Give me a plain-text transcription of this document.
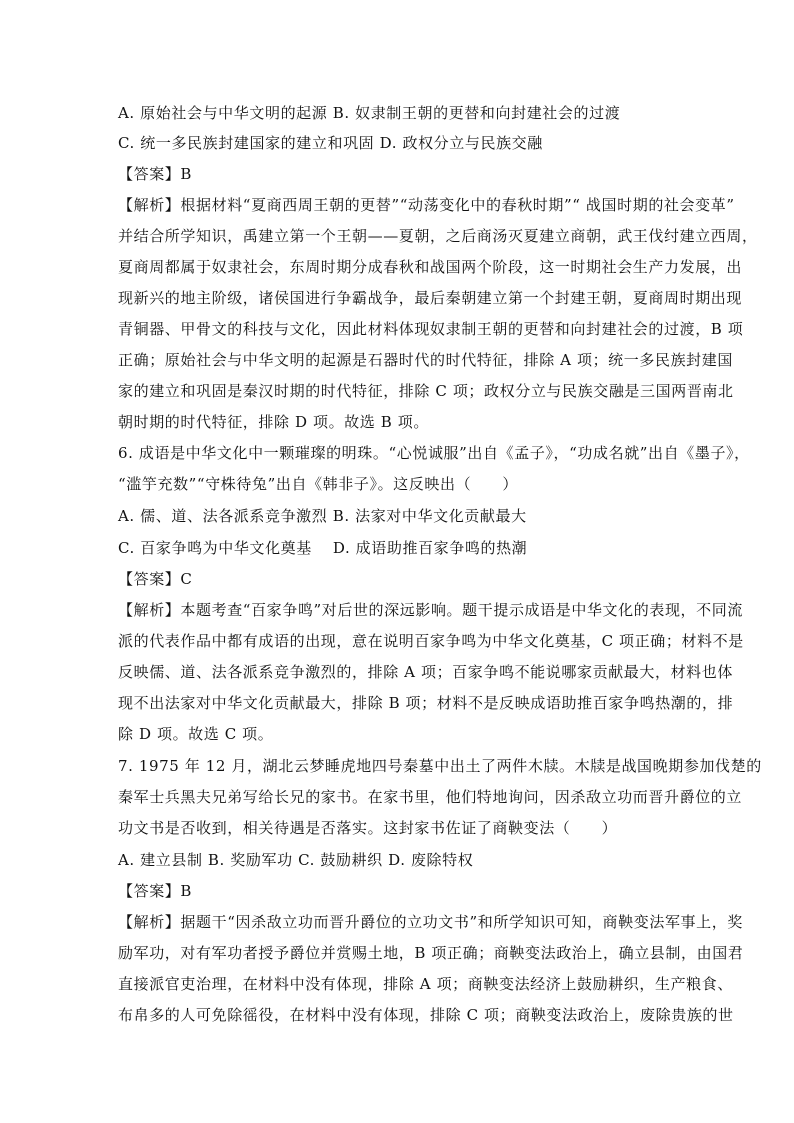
A. 原始社会与中华文明的起源 B. 奴隶制王朝的更替和向封建社会的过渡
C. 统一多民族封建国家的建立和巩固 D. 政权分立与民族交融
【答案】B
【解析】根据材料“夏商西周王朝的更替”“动荡变化中的春秋时期”“ 战国时期的社会变革”
并结合所学知识，禹建立第一个王朝——夏朝，之后商汤灭夏建立商朝，武王伐纣建立西周，
夏商周都属于奴隶社会，东周时期分成春秋和战国两个阶段，这一时期社会生产力发展，出
现新兴的地主阶级，诸侯国进行争霸战争，最后秦朝建立第一个封建王朝，夏商周时期出现
青铜器、甲骨文的科技与文化，因此材料体现奴隶制王朝的更替和向封建社会的过渡，B 项
正确；原始社会与中华文明的起源是石器时代的时代特征，排除 A 项；统一多民族封建国
家的建立和巩固是秦汉时期的时代特征，排除 C 项；政权分立与民族交融是三国两晋南北
朝时期的时代特征，排除 D 项。故选 B 项。
6. 成语是中华文化中一颗璀璨的明珠。“心悦诚服”出自《孟子》，“功成名就”出自《墨子》，
“滥竽充数”“守株待兔”出自《韩非子》。这反映出（　　）
A. 儒、道、法各派系竞争激烈 B. 法家对中华文化贡献最大
C. 百家争鸣为中华文化奠基　 D. 成语助推百家争鸣的热潮
【答案】C
【解析】本题考查“百家争鸣”对后世的深远影响。题干提示成语是中华文化的表现，不同流
派的代表作品中都有成语的出现，意在说明百家争鸣为中华文化奠基，C 项正确；材料不是
反映儒、道、法各派系竞争激烈的，排除 A 项；百家争鸣不能说哪家贡献最大，材料也体
现不出法家对中华文化贡献最大，排除 B 项；材料不是反映成语助推百家争鸣热潮的，排
除 D 项。故选 C 项。
7. 1975 年 12 月，湖北云梦睡虎地四号秦墓中出土了两件木牍。木牍是战国晚期参加伐楚的
秦军士兵黑夫兄弟写给长兄的家书。在家书里，他们特地询问，因杀敌立功而晋升爵位的立
功文书是否收到，相关待遇是否落实。这封家书佐证了商鞅变法（　　）
A. 建立县制 B. 奖励军功 C. 鼓励耕织 D. 废除特权
【答案】B
【解析】据题干“因杀敌立功而晋升爵位的立功文书”和所学知识可知，商鞅变法军事上，奖
励军功，对有军功者授予爵位并赏赐土地，B 项正确；商鞅变法政治上，确立县制，由国君
直接派官吏治理，在材料中没有体现，排除 A 项；商鞅变法经济上鼓励耕织，生产粮食、
布帛多的人可免除徭役，在材料中没有体现，排除 C 项；商鞅变法政治上，废除贵族的世
